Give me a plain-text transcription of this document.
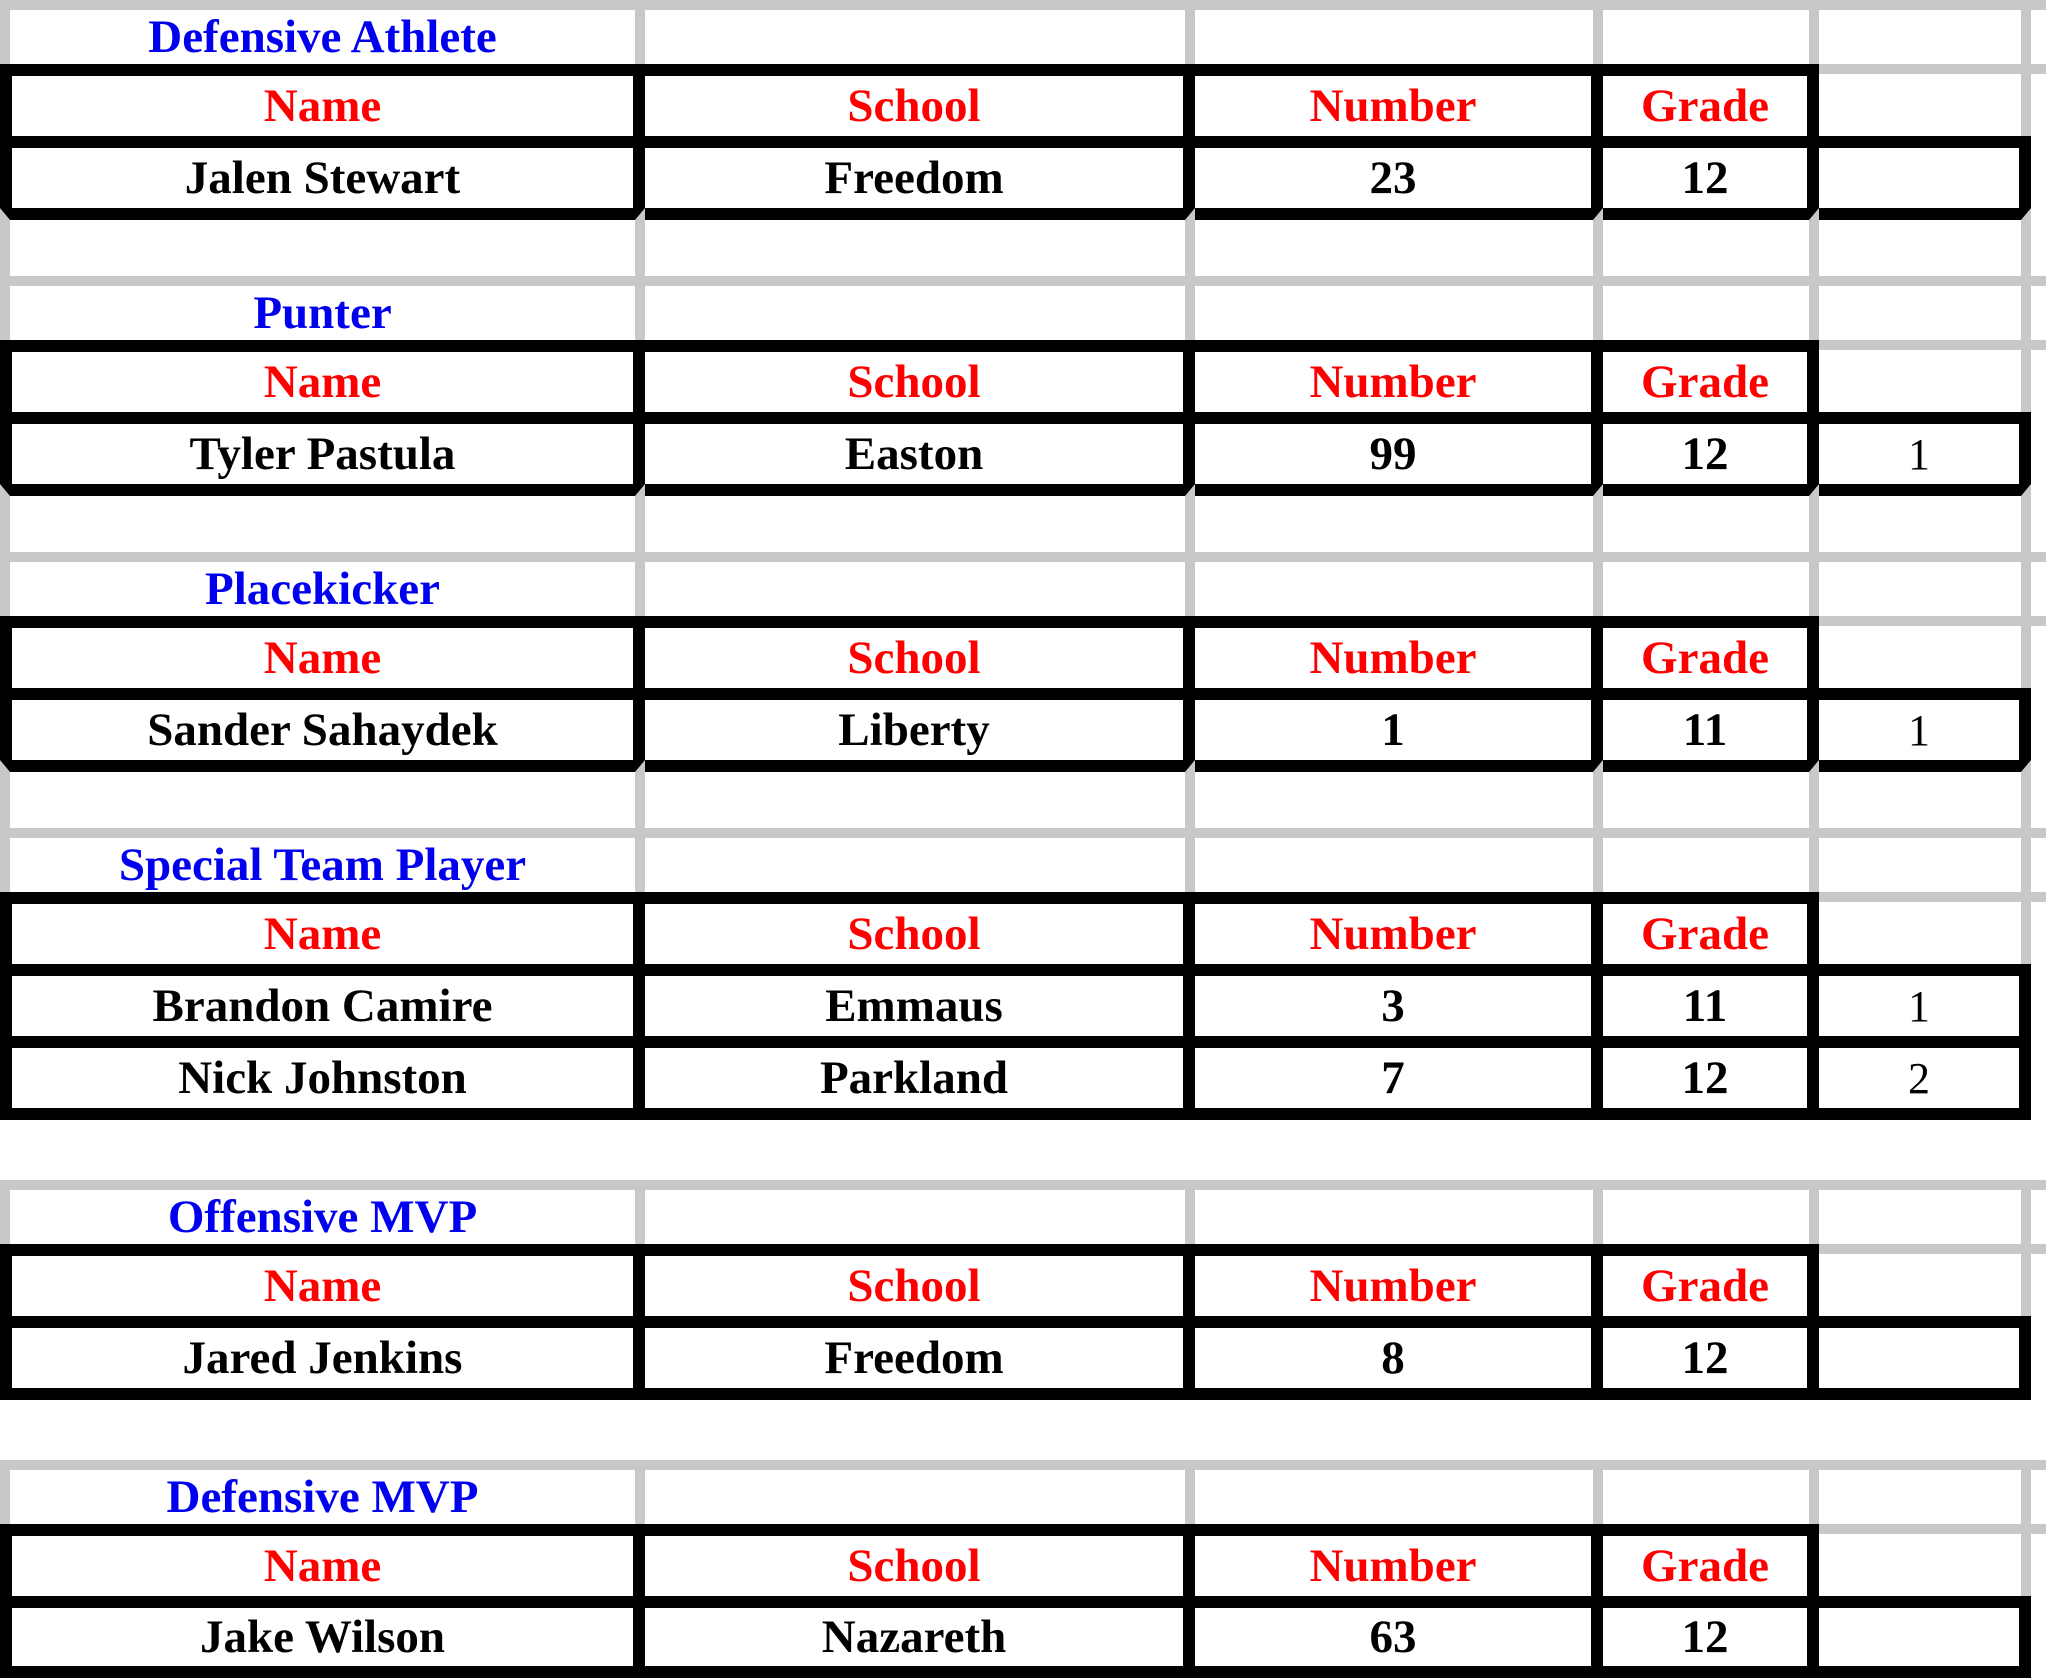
Defensive Athlete
Name	School	Number	Grade
Jalen Stewart	Freedom	23	12
Punter
Name	School	Number	Grade
Tyler Pastula	Easton	99	12	1
Placekicker
Name	School	Number	Grade
Sander Sahaydek	Liberty	1	11	1
Special Team Player
Name	School	Number	Grade
Brandon Camire	Emmaus	3	11	1
Nick Johnston	Parkland	7	12	2
Offensive MVP
Name	School	Number	Grade
Jared Jenkins	Freedom	8	12
Defensive MVP
Name	School	Number	Grade
Jake Wilson	Nazareth	63	12
